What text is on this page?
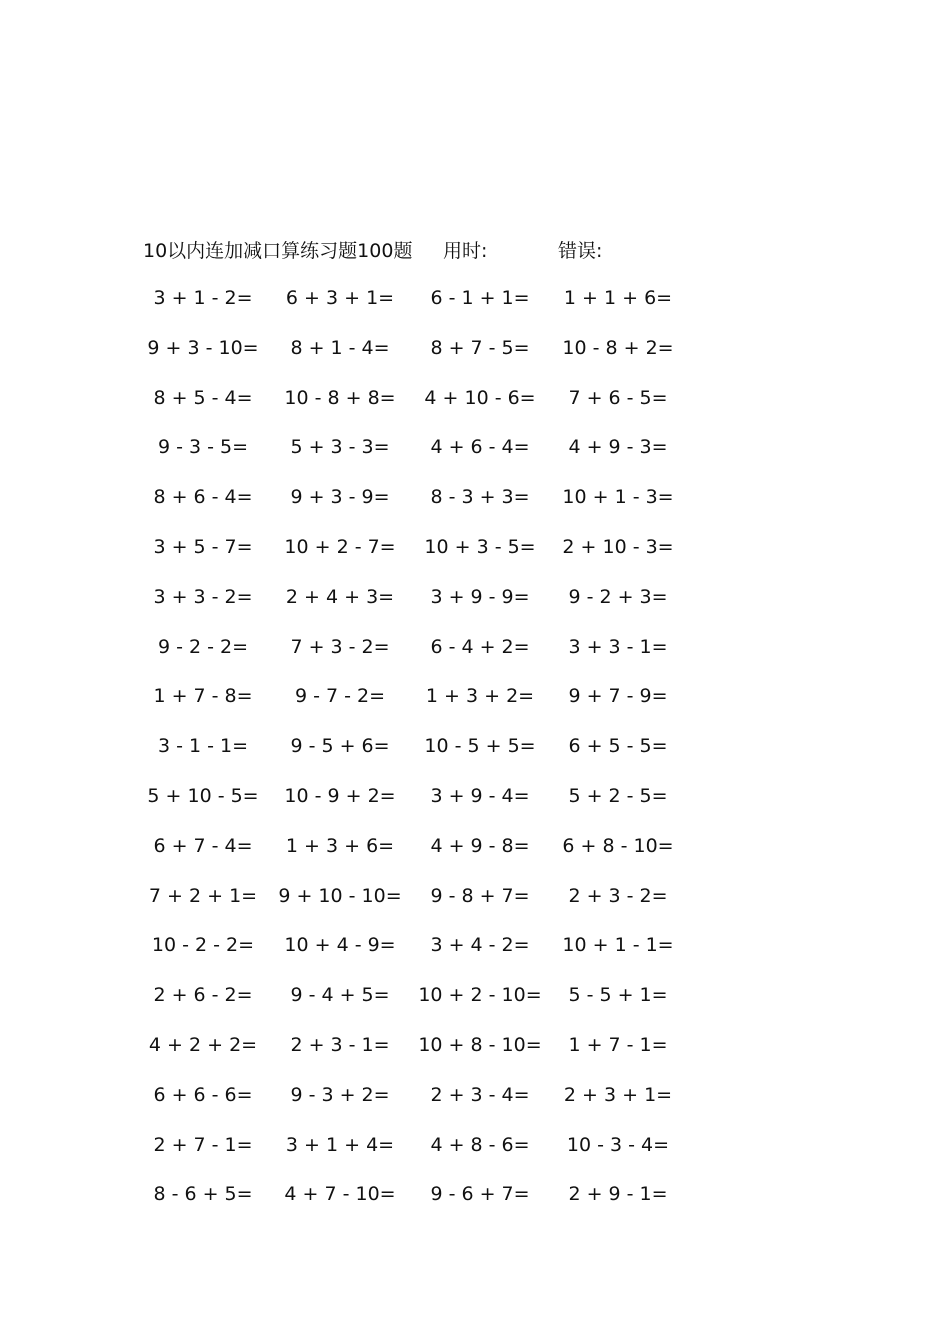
10以内连加减口算练习题100题 用时:	错误:
3 + 1 - 2=	6 + 3 + 1=	6 - 1 + 1=	1 + 1 + 6=
9 + 3 - 10=	8 + 1 - 4=	8 + 7 - 5=	10 - 8 + 2=
8 + 5 - 4=	10 - 8 + 8=	4 + 10 - 6=	7 + 6 - 5=
9 - 3 - 5=	5 + 3 - 3=	4 + 6 - 4=	4 + 9 - 3=
8 + 6 - 4=	9 + 3 - 9=	8 - 3 + 3=	10 + 1 - 3=
3 + 5 - 7=	10 + 2 - 7=	10 + 3 - 5=	2 + 10 - 3=
3 + 3 - 2=	2 + 4 + 3=	3 + 9 - 9=	9 - 2 + 3=
9 - 2 - 2=	7 + 3 - 2=	6 - 4 + 2=	3 + 3 - 1=
1 + 7 - 8=	9 - 7 - 2=	1 + 3 + 2=	9 + 7 - 9=
3 - 1 - 1=	9 - 5 + 6=	10 - 5 + 5=	6 + 5 - 5=
5 + 10 - 5=	10 - 9 + 2=	3 + 9 - 4=	5 + 2 - 5=
6 + 7 - 4=	1 + 3 + 6=	4 + 9 - 8=	6 + 8 - 10=
7 + 2 + 1=	9 + 10 - 10=	9 - 8 + 7=	2 + 3 - 2=
10 - 2 - 2=	10 + 4 - 9=	3 + 4 - 2=	10 + 1 - 1=
2 + 6 - 2=	9 - 4 + 5=	10 + 2 - 10=	5 - 5 + 1=
4 + 2 + 2=	2 + 3 - 1=	10 + 8 - 10=	1 + 7 - 1=
6 + 6 - 6=	9 - 3 + 2=	2 + 3 - 4=	2 + 3 + 1=
2 + 7 - 1=	3 + 1 + 4=	4 + 8 - 6=	10 - 3 - 4=
8 - 6 + 5=	4 + 7 - 10=	9 - 6 + 7=	2 + 9 - 1=
